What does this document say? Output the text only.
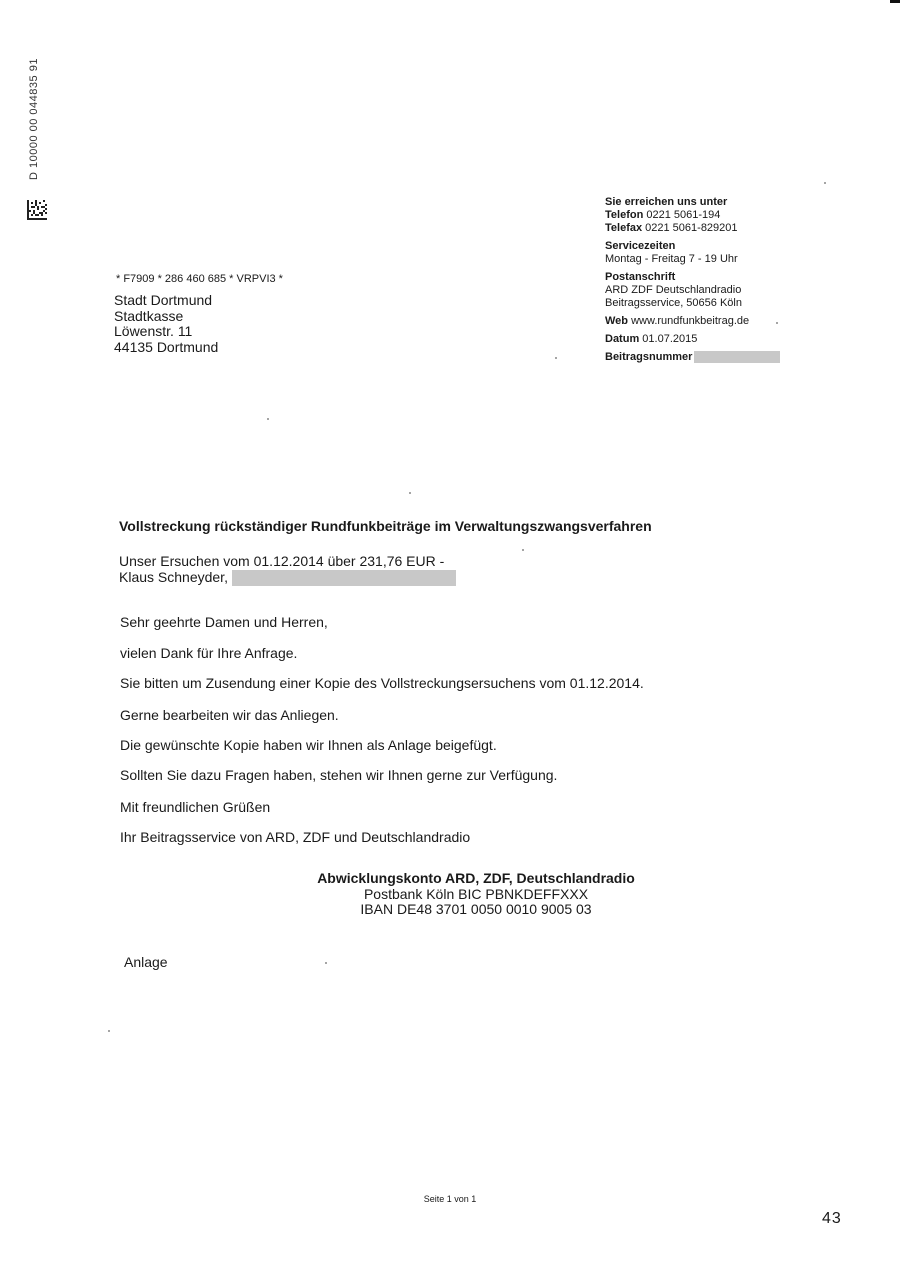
D 10000 00 044835 91
* F7909 * 286 460 685 * VRPVI3 *
Stadt Dortmund
Stadtkasse
Löwenstr. 11
44135 Dortmund
Sie erreichen uns unter
Telefon 0221 5061-194
Telefax 0221 5061-829201
Servicezeiten
Montag - Freitag 7 - 19 Uhr
Postanschrift
ARD ZDF Deutschlandradio
Beitragsservice, 50656 Köln
Web www.rundfunkbeitrag.de
Datum 01.07.2015
Beitragsnummer
Vollstreckung rückständiger Rundfunkbeiträge im Verwaltungszwangsverfahren
Unser Ersuchen vom 01.12.2014 über 231,76 EUR -
Klaus Schneyder,
Sehr geehrte Damen und Herren,
vielen Dank für Ihre Anfrage.
Sie bitten um Zusendung einer Kopie des Vollstreckungsersuchens vom 01.12.2014.
Gerne bearbeiten wir das Anliegen.
Die gewünschte Kopie haben wir Ihnen als Anlage beigefügt.
Sollten Sie dazu Fragen haben, stehen wir Ihnen gerne zur Verfügung.
Mit freundlichen Grüßen
Ihr Beitragsservice von ARD, ZDF und Deutschlandradio
Abwicklungskonto ARD, ZDF, Deutschlandradio
Postbank Köln BIC PBNKDEFFXXX
IBAN DE48 3701 0050 0010 9005 03
Anlage
Seite 1 von 1
43
